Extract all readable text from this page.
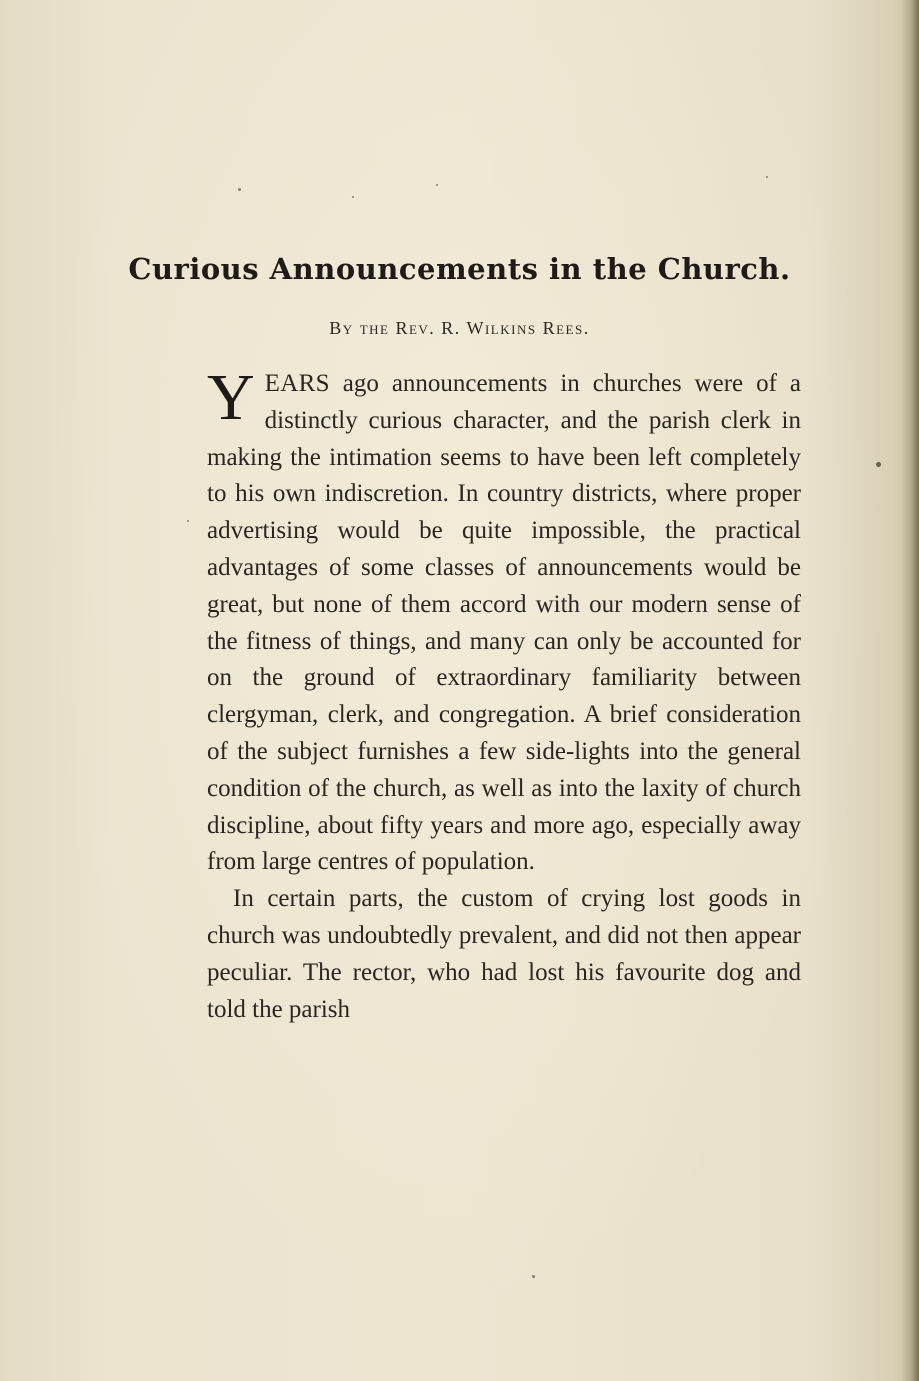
Curious Announcements in the Church.
By the Rev. R. Wilkins Rees.

YEARS ago announcements in churches were of a distinctly curious character, and the parish clerk in making the intimation seems to have been left completely to his own indiscretion. In country districts, where proper advertising would be quite impossible, the practical advantages of some classes of announcements would be great, but none of them accord with our modern sense of the fitness of things, and many can only be accounted for on the ground of extraordinary familiarity between clergyman, clerk, and congregation. A brief consideration of the subject furnishes a few side-lights into the general condition of the church, as well as into the laxity of church discipline, about fifty years and more ago, especially away from large centres of population.

In certain parts, the custom of crying lost goods in church was undoubtedly prevalent, and did not then appear peculiar. The rector, who had lost his favourite dog and told the parish
